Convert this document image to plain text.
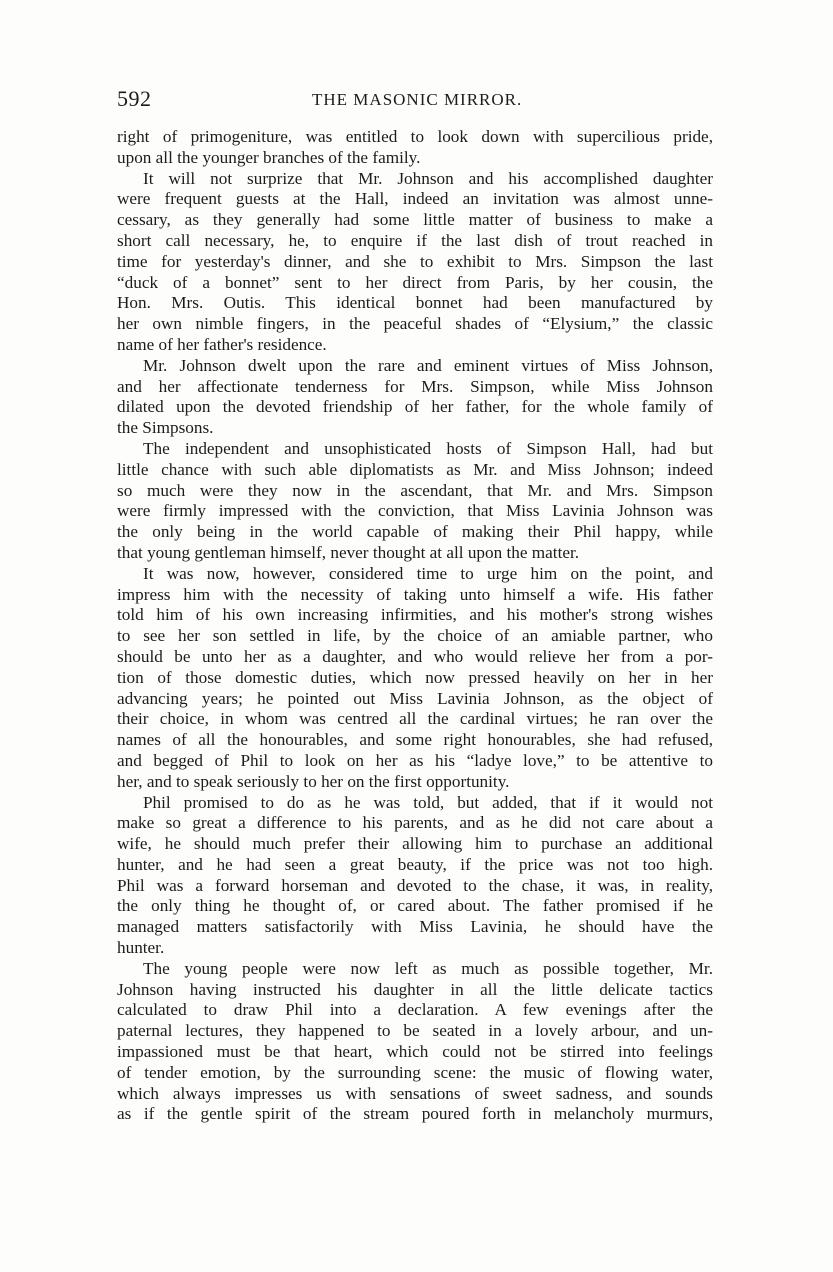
592	THE MASONIC MIRROR.
right of primogeniture, was entitled to look down with supercilious pride,
upon all the younger branches of the family.
It will not surprize that Mr. Johnson and his accomplished daughter
were frequent guests at the Hall, indeed an invitation was almost unne-
cessary, as they generally had some little matter of business to make a
short call necessary, he, to enquire if the last dish of trout reached in
time for yesterday's dinner, and she to exhibit to Mrs. Simpson the last
“duck of a bonnet” sent to her direct from Paris, by her cousin, the
Hon. Mrs. Outis. This identical bonnet had been manufactured by
her own nimble fingers, in the peaceful shades of “Elysium,” the classic
name of her father's residence.
Mr. Johnson dwelt upon the rare and eminent virtues of Miss Johnson,
and her affectionate tenderness for Mrs. Simpson, while Miss Johnson
dilated upon the devoted friendship of her father, for the whole family of
the Simpsons.
The independent and unsophisticated hosts of Simpson Hall, had but
little chance with such able diplomatists as Mr. and Miss Johnson; indeed
so much were they now in the ascendant, that Mr. and Mrs. Simpson
were firmly impressed with the conviction, that Miss Lavinia Johnson was
the only being in the world capable of making their Phil happy, while
that young gentleman himself, never thought at all upon the matter.
It was now, however, considered time to urge him on the point, and
impress him with the necessity of taking unto himself a wife. His father
told him of his own increasing infirmities, and his mother's strong wishes
to see her son settled in life, by the choice of an amiable partner, who
should be unto her as a daughter, and who would relieve her from a por-
tion of those domestic duties, which now pressed heavily on her in her
advancing years; he pointed out Miss Lavinia Johnson, as the object of
their choice, in whom was centred all the cardinal virtues; he ran over the
names of all the honourables, and some right honourables, she had refused,
and begged of Phil to look on her as his “ladye love,” to be attentive to
her, and to speak seriously to her on the first opportunity.
Phil promised to do as he was told, but added, that if it would not
make so great a difference to his parents, and as he did not care about a
wife, he should much prefer their allowing him to purchase an additional
hunter, and he had seen a great beauty, if the price was not too high.
Phil was a forward horseman and devoted to the chase, it was, in reality,
the only thing he thought of, or cared about. The father promised if he
managed matters satisfactorily with Miss Lavinia, he should have the
hunter.
The young people were now left as much as possible together, Mr.
Johnson having instructed his daughter in all the little delicate tactics
calculated to draw Phil into a declaration. A few evenings after the
paternal lectures, they happened to be seated in a lovely arbour, and un-
impassioned must be that heart, which could not be stirred into feelings
of tender emotion, by the surrounding scene: the music of flowing water,
which always impresses us with sensations of sweet sadness, and sounds
as if the gentle spirit of the stream poured forth in melancholy murmurs,
